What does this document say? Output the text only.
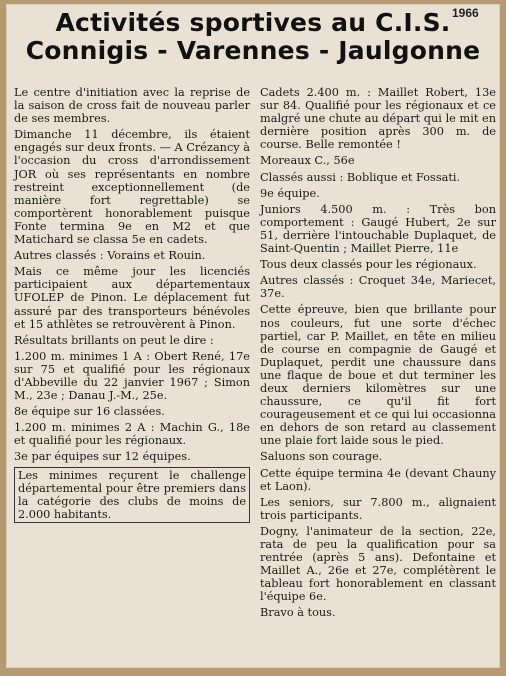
1966
Activités sportives au C.I.S.
Connigis - Varennes - Jaulgonne

Le centre d'initiation avec la reprise de la saison de cross fait de nouveau parler de ses membres.

Dimanche 11 décembre, ils étaient engagés sur deux fronts. — A Crézancy à l'occasion du cross d'arrondissement JOR où ses représentants en nombre restreint exceptionnellement (de manière fort regrettable) se comportèrent honorablement puisque Fonte termina 9e en M2 et que Matichard se classa 5e en cadets.

Autres classés : Vorains et Rouin.

Mais ce même jour les licenciés participaient aux départementaux UFOLEP de Pinon. Le déplacement fut assuré par des transporteurs bénévoles et 15 athlètes se retrouvèrent à Pinon.

Résultats brillants on peut le dire :

1.200 m. minimes 1 A : Obert René, 17e sur 75 et qualifié pour les régionaux d'Abbeville du 22 janvier 1967 ; Simon M., 23e ; Danau J.-M., 25e.

8e équipe sur 16 classées.

1.200 m. minimes 2 A : Machin G., 18e et qualifié pour les régionaux.

3e par équipes sur 12 équipes.

Les minimes reçurent le challenge départemental pour être premiers dans la catégorie des clubs de moins de 2.000 habitants.

Cadets 2.400 m. : Maillet Robert, 13e sur 84. Qualifié pour les régionaux et ce malgré une chute au départ qui le mit en dernière position après 300 m. de course. Belle remontée !

Moreaux C., 56e

Classés aussi : Boblique et Fossati.

9e équipe.

Juniors 4.500 m. : Très bon comportement : Gaugé Hubert, 2e sur 51, derrière l'intouchable Duplaquet, de Saint-Quentin ; Maillet Pierre, 11e

Tous deux classés pour les régionaux.

Autres classés : Croquet 34e, Mariecet, 37e.

Cette épreuve, bien que brillante pour nos couleurs, fut une sorte d'échec partiel, car P. Maillet, en tête en milieu de course en compagnie de Gaugé et Duplaquet, perdit une chaussure dans une flaque de boue et dut terminer les deux derniers kilomètres sur une chaussure, ce qu'il fit fort courageusement et ce qui lui occasionna en dehors de son retard au classement une plaie fort laide sous le pied.

Saluons son courage.

Cette équipe termina 4e (devant Chauny et Laon).

Les seniors, sur 7.800 m., alignaient trois participants.

Dogny, l'animateur de la section, 22e, rata de peu la qualification pour sa rentrée (après 5 ans). Defontaine et Maillet A., 26e et 27e, complétèrent le tableau fort honorablement en classant l'équipe 6e.

Bravo à tous.
